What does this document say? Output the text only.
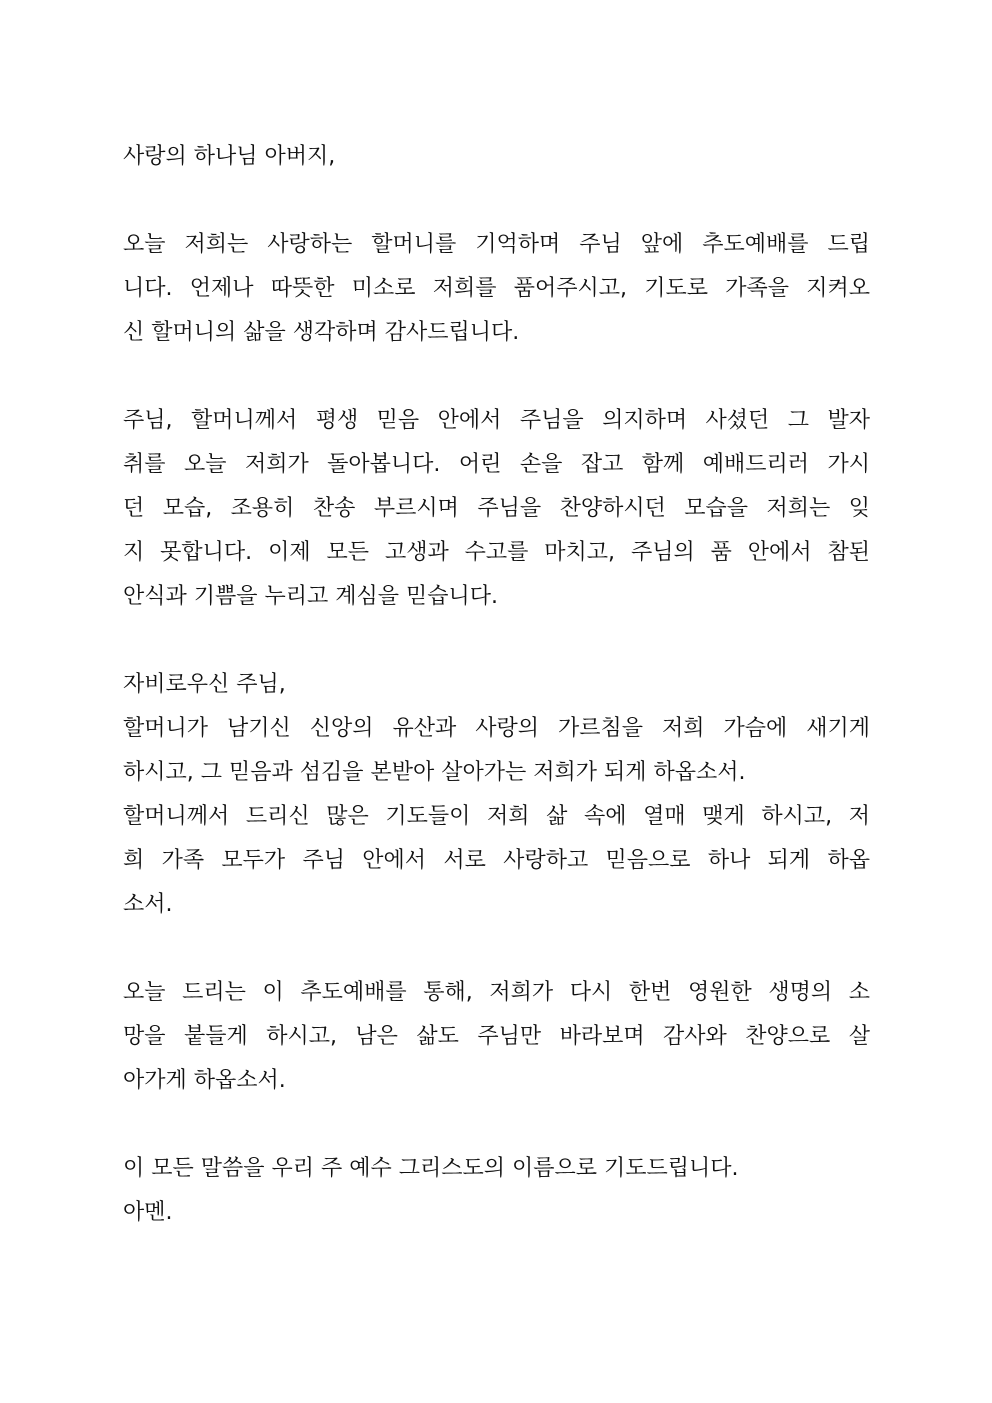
사랑의 하나님 아버지,
오늘 저희는 사랑하는 할머니를 기억하며 주님 앞에 추도예배를 드립
니다. 언제나 따뜻한 미소로 저희를 품어주시고, 기도로 가족을 지켜오
신 할머니의 삶을 생각하며 감사드립니다.
주님, 할머니께서 평생 믿음 안에서 주님을 의지하며 사셨던 그 발자
취를 오늘 저희가 돌아봅니다. 어린 손을 잡고 함께 예배드리러 가시
던 모습, 조용히 찬송 부르시며 주님을 찬양하시던 모습을 저희는 잊
지 못합니다. 이제 모든 고생과 수고를 마치고, 주님의 품 안에서 참된
안식과 기쁨을 누리고 계심을 믿습니다.
자비로우신 주님,
할머니가 남기신 신앙의 유산과 사랑의 가르침을 저희 가슴에 새기게
하시고, 그 믿음과 섬김을 본받아 살아가는 저희가 되게 하옵소서.
할머니께서 드리신 많은 기도들이 저희 삶 속에 열매 맺게 하시고, 저
희 가족 모두가 주님 안에서 서로 사랑하고 믿음으로 하나 되게 하옵
소서.
오늘 드리는 이 추도예배를 통해, 저희가 다시 한번 영원한 생명의 소
망을 붙들게 하시고, 남은 삶도 주님만 바라보며 감사와 찬양으로 살
아가게 하옵소서.
이 모든 말씀을 우리 주 예수 그리스도의 이름으로 기도드립니다.
아멘.
